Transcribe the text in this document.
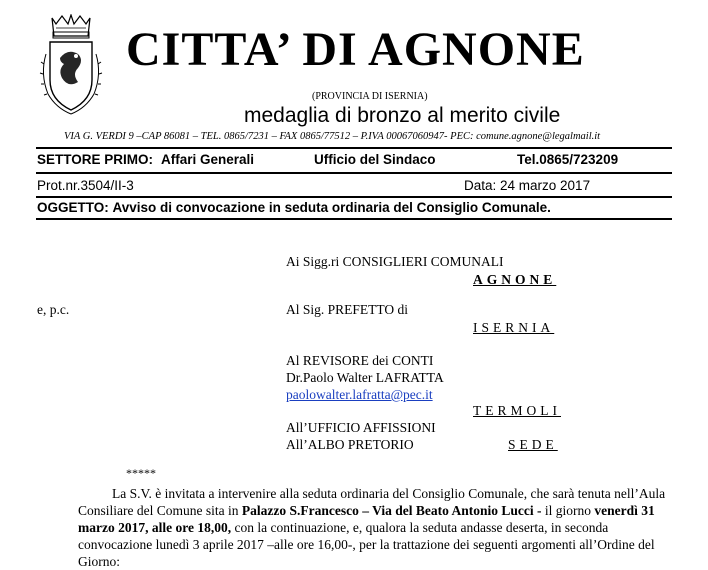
CITTA’ DI AGNONE
(PROVINCIA DI ISERNIA)
medaglia di bronzo al merito civile
VIA G. VERDI 9 –CAP 86081 – TEL. 0865/7231 – FAX 0865/77512 – P.IVA 00067060947- PEC: comune.agnone@legalmail.it
SETTORE PRIMO: Affari Generali	Ufficio del Sindaco	Tel.0865/723209
Prot.nr.3504/II-3	Data: 24 marzo 2017
OGGETTO: Avviso di convocazione in seduta ordinaria del Consiglio Comunale.
Ai Sigg.ri CONSIGLIERI COMUNALI
AGNONE
e, p.c.	Al Sig. PREFETTO di
ISERNIA
Al REVISORE dei CONTI
Dr.Paolo Walter LAFRATTA
paolowalter.lafratta@pec.it
TERMOLI
All’UFFICIO AFFISSIONI
All’ALBO PRETORIO	SEDE
*****
La S.V. è invitata a intervenire alla seduta ordinaria del Consiglio Comunale, che sarà tenuta nell’Aula Consiliare del Comune sita in Palazzo S.Francesco – Via del Beato Antonio Lucci - il giorno venerdì 31 marzo 2017, alle ore 18,00, con la continuazione, e, qualora la seduta andasse deserta, in seconda convocazione lunedì 3 aprile 2017 –alle ore 16,00-, per la trattazione dei seguenti argomenti all’Ordine del Giorno:
